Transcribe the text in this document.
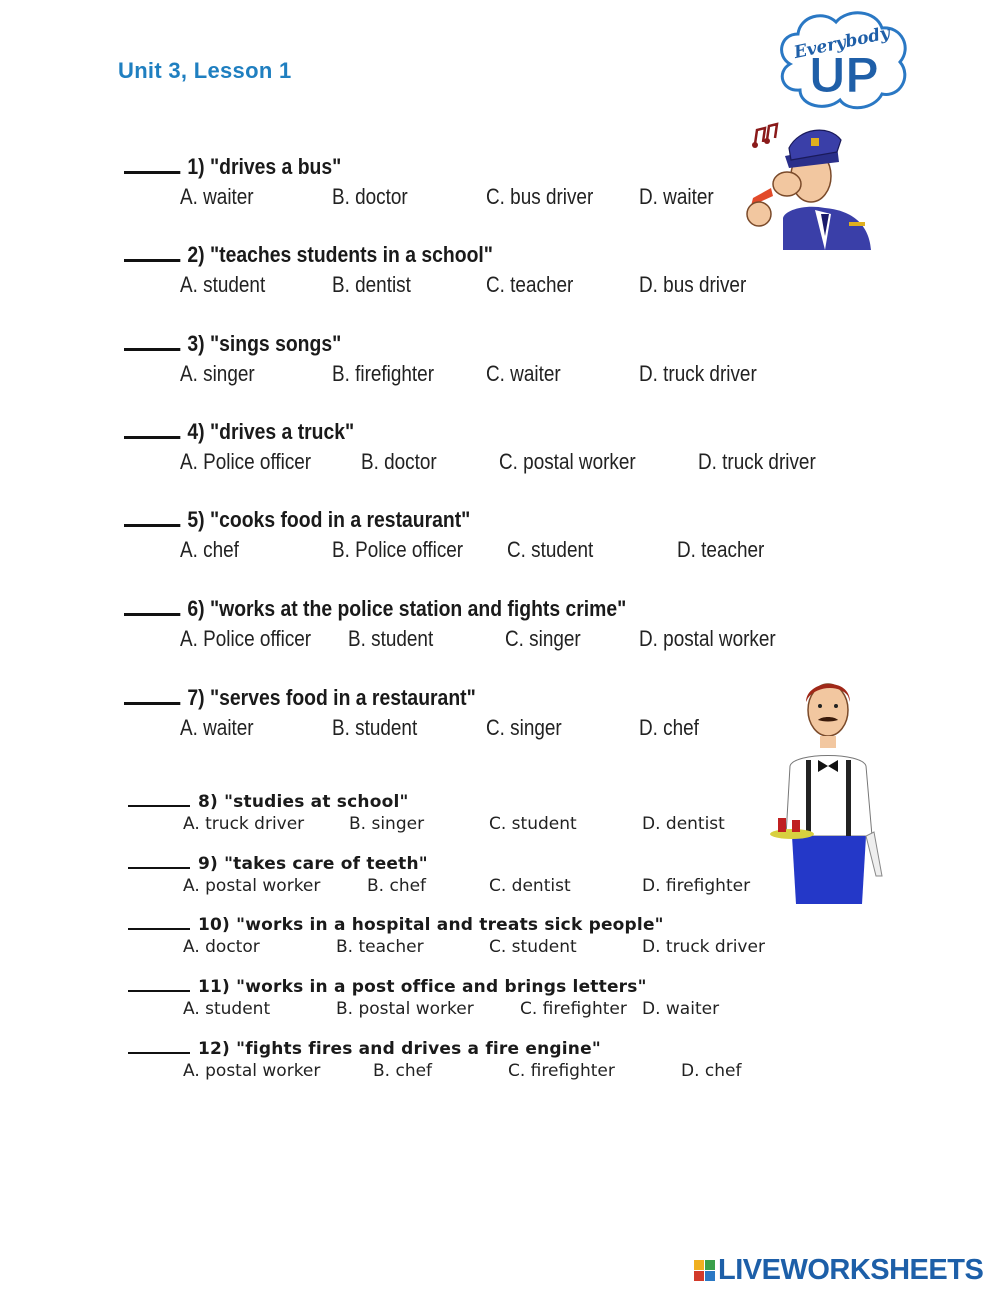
Unit 3, Lesson 1
Everybody
UP
1) "drives a bus"
A. waiter	B. doctor	C. bus driver D. waiter
2) "teaches students in a school"
A. student	B. dentist	C. teacher	D. bus driver
3) "sings songs"
A. singer	B. firefighter C. waiter	D. truck driver
4) "drives a truck"
A. Police officer B. doctor	C. postal worker	D. truck driver
5) "cooks food in a restaurant"
A. chef	B. Police officer C. student	D. teacher
6) "works at the police station and fights crime"
A. Police officer B. student	C. singer	D. postal worker
7) "serves food in a restaurant"
A. waiter	B. student	C. singer	D. chef
8) "studies at school"
A. truck driver	B. singer	C. student	D. dentist
9) "takes care of teeth"
A. postal worker	B. chef	C. dentist	D. firefighter
10) "works in a hospital and treats sick people"
A. doctor	B. teacher	C. student	D. truck driver
11) "works in a post office and brings letters"
A. student	B. postal worker	C. firefighter D. waiter
12) "fights fires and drives a fire engine"
A. postal worker	B. chef	C. firefighter	D. chef
LIVEWORKSHEETS
